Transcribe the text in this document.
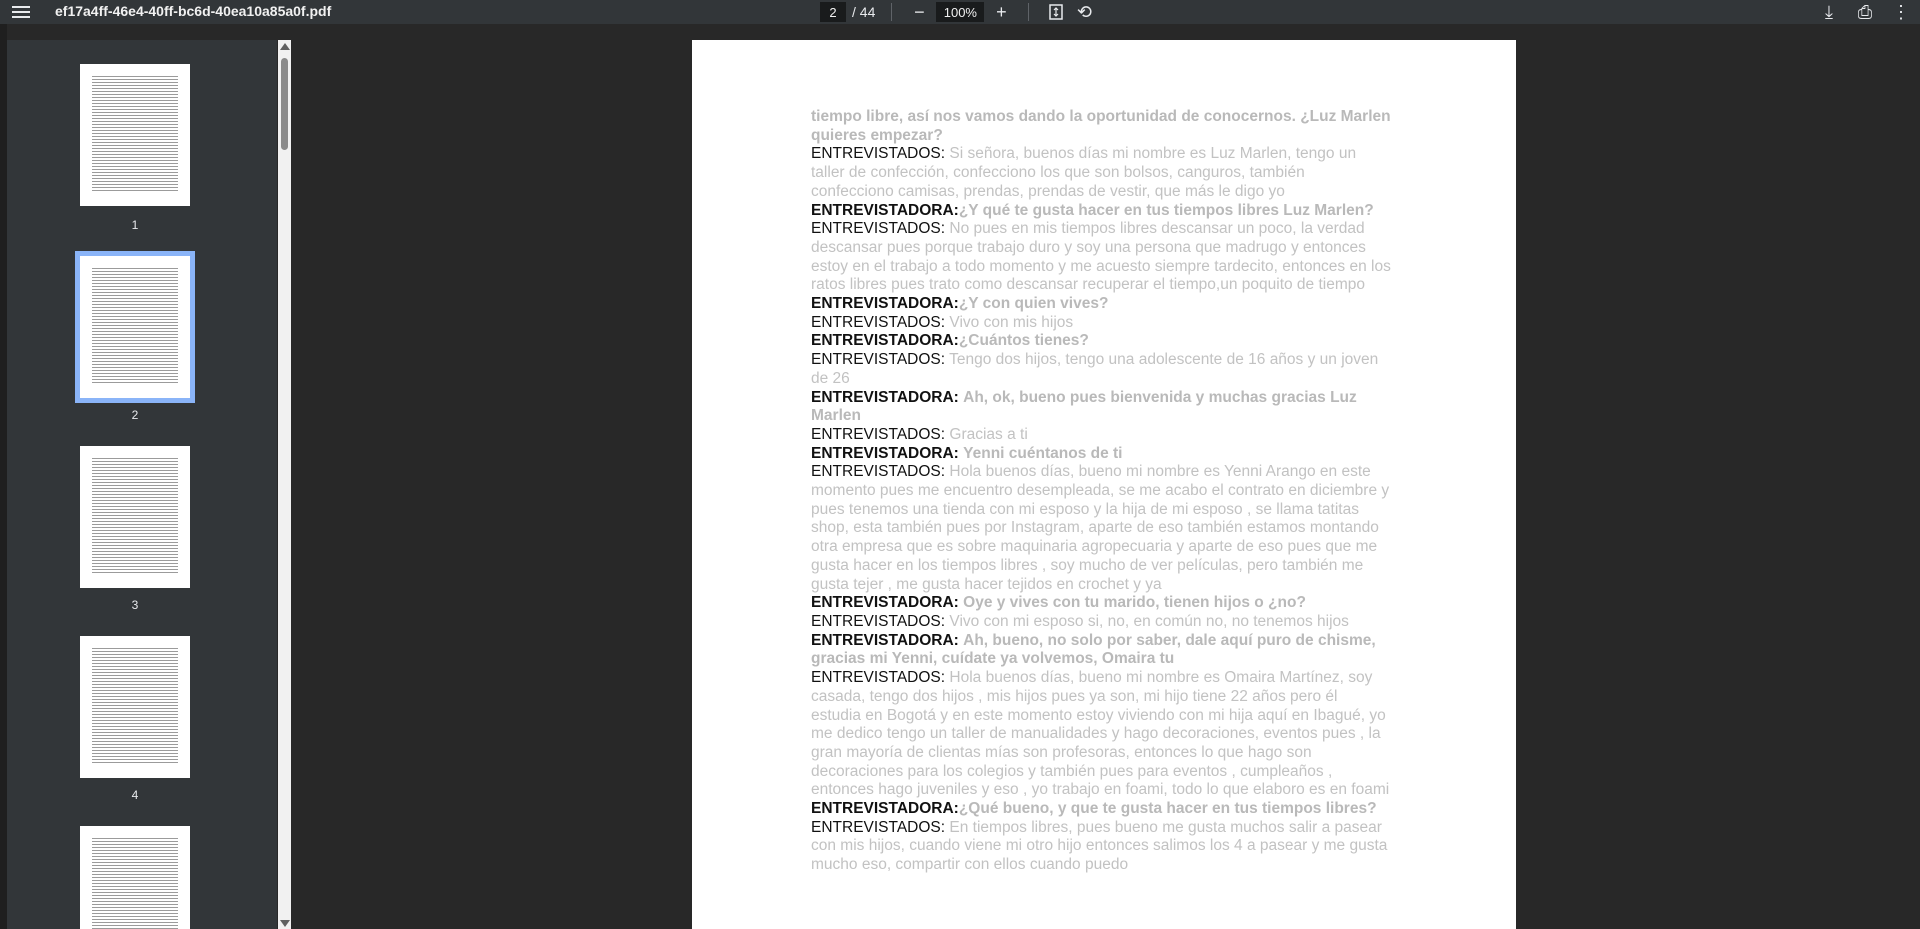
ef17a4ff-46e4-40ff-bc6d-40ea10a85a0f.pdf
2	/ 44	−
100%	+	⟲	⤓	⎙ ⋮
1
2
3
4

tiempo libre, así nos vamos dando la oportunidad de conocernos. ¿Luz Marlen quieres empezar?

ENTREVISTADOS: Si señora, buenos días mi nombre es Luz Marlen, tengo un taller de confección, confecciono los que son bolsos, canguros, también confecciono camisas, prendas, prendas de vestir, que más le digo yo

ENTREVISTADORA:¿Y qué te gusta hacer en tus tiempos libres Luz Marlen?

ENTREVISTADOS: No pues en mis tiempos libres descansar un poco, la verdad descansar pues porque trabajo duro y soy una persona que madrugo y entonces estoy en el trabajo a todo momento y me acuesto siempre tardecito, entonces en los ratos libres pues trato como descansar recuperar el tiempo,un poquito de tiempo

ENTREVISTADORA:¿Y con quien vives?

ENTREVISTADOS: Vivo con mis hijos

ENTREVISTADORA:¿Cuántos tienes?

ENTREVISTADOS: Tengo dos hijos, tengo una adolescente de 16 años y un joven de 26

ENTREVISTADORA: Ah, ok, bueno pues bienvenida y muchas gracias Luz Marlen

ENTREVISTADOS: Gracias a ti

ENTREVISTADORA: Yenni cuéntanos de ti

ENTREVISTADOS: Hola buenos días, bueno mi nombre es Yenni Arango en este momento pues me encuentro desempleada, se me acabo el contrato en diciembre y pues tenemos una tienda con mi esposo y la hija de mi esposo , se llama tatitas shop, esta también pues por Instagram, aparte de eso también estamos montando otra empresa que es sobre maquinaria agropecuaria y aparte de eso pues que me gusta hacer en los tiempos libres , soy mucho de ver películas, pero también me gusta tejer , me gusta hacer tejidos en crochet y ya

ENTREVISTADORA: Oye y vives con tu marido, tienen hijos o ¿no?

ENTREVISTADOS: Vivo con mi esposo si, no, en común no, no tenemos hijos

ENTREVISTADORA: Ah, bueno, no solo por saber, dale aquí puro de chisme, gracias mi Yenni, cuídate ya volvemos, Omaira tu

ENTREVISTADOS: Hola buenos días, bueno mi nombre es Omaira Martínez, soy casada, tengo dos hijos , mis hijos pues ya son, mi hijo tiene 22 años pero él estudia en Bogotá y en este momento estoy viviendo con mi hija aquí en Ibagué, yo me dedico tengo un taller de manualidades y hago decoraciones, eventos pues , la gran mayoría de clientas mías son profesoras, entonces lo que hago son decoraciones para los colegios y también pues para eventos , cumpleaños , entonces hago juveniles y eso , yo trabajo en foami, todo lo que elaboro es en foami

ENTREVISTADORA:¿Qué bueno, y que te gusta hacer en tus tiempos libres?

ENTREVISTADOS: En tiempos libres, pues bueno me gusta muchos salir a pasear con mis hijos, cuando viene mi otro hijo entonces salimos los 4 a pasear y me gusta mucho eso, compartir con ellos cuando puedo
